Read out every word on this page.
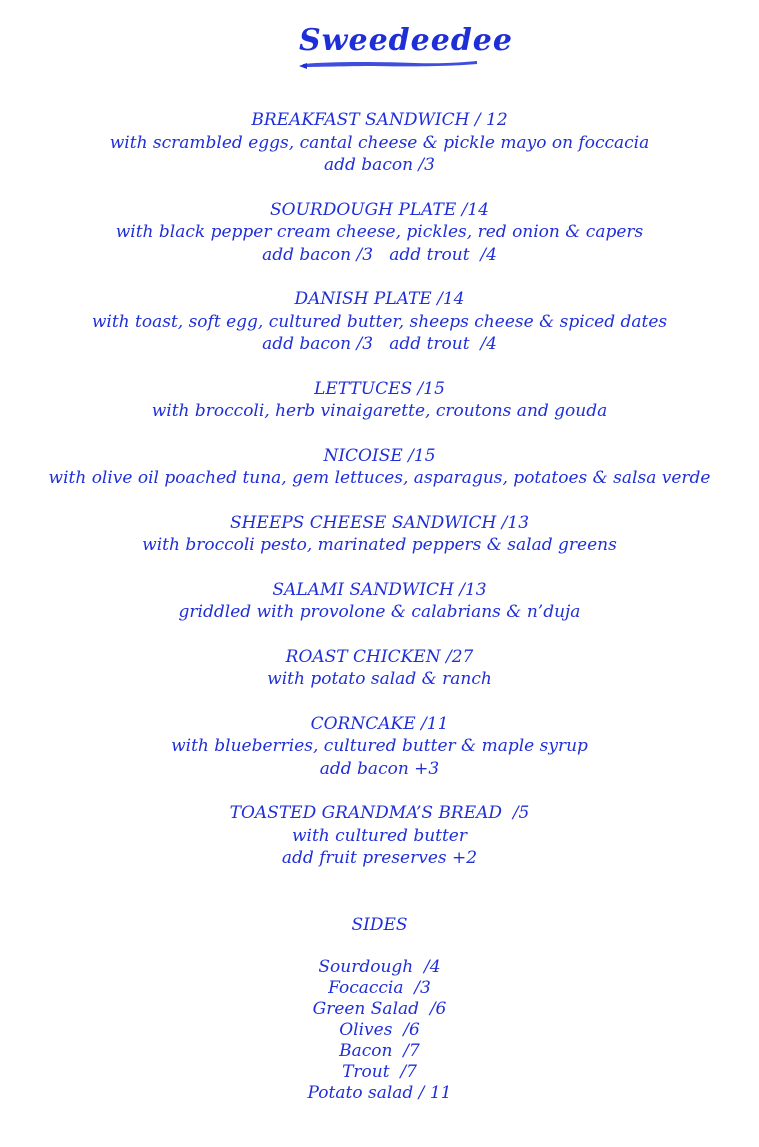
Sweedeedee
BREAKFAST SANDWICH / 12
with scrambled eggs, cantal cheese & pickle mayo on foccacia
add bacon /3
SOURDOUGH PLATE /14
with black pepper cream cheese, pickles, red onion & capers
add bacon /3   add trout  /4
DANISH PLATE /14
with toast, soft egg, cultured butter, sheeps cheese & spiced dates
add bacon /3   add trout  /4
LETTUCES /15
with broccoli, herb vinaigarette, croutons and gouda
NICOISE /15
with olive oil poached tuna, gem lettuces, asparagus, potatoes & salsa verde
SHEEPS CHEESE SANDWICH /13
with broccoli pesto, marinated peppers & salad greens
SALAMI SANDWICH /13
griddled with provolone & calabrians & n’duja
ROAST CHICKEN /27
with potato salad & ranch
CORNCAKE /11
with blueberries, cultured butter & maple syrup
add bacon +3
TOASTED GRANDMA’S BREAD  /5
with cultured butter
add fruit preserves +2
SIDES
Sourdough  /4
Focaccia  /3
Green Salad  /6
Olives  /6
Bacon  /7
Trout  /7
Potato salad / 11
